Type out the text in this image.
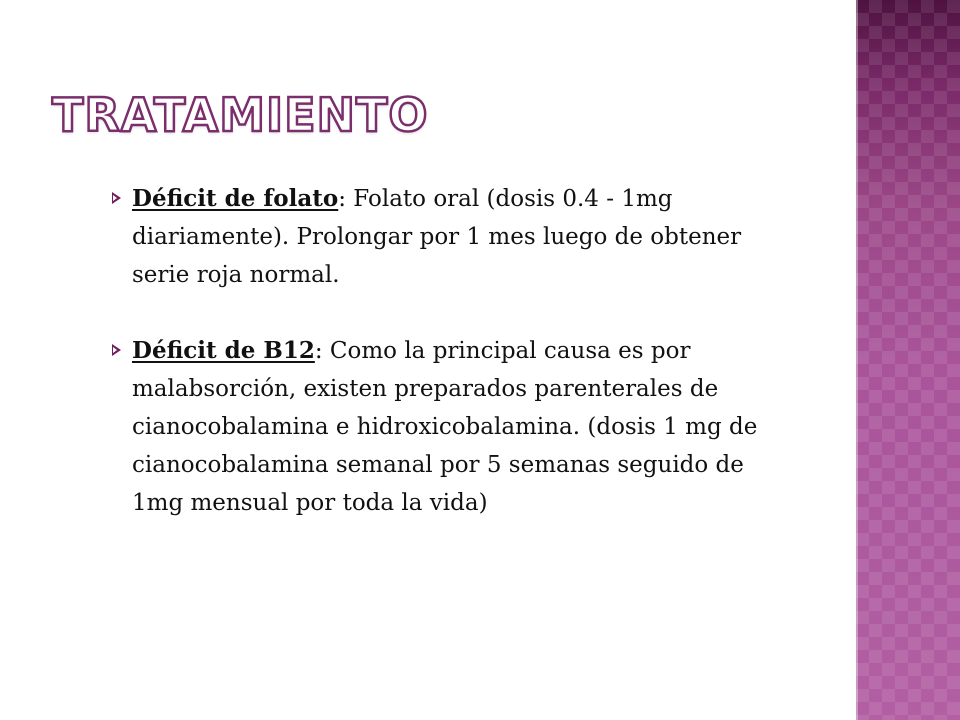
TRATAMIENTO

Déficit de folato: Folato oral (dosis 0.4 - 1mg diariamente). Prolongar por 1 mes luego de obtener serie roja normal.

Déficit de B12: Como la principal causa es por malabsorción, existen preparados parenterales de cianocobalamina e hidroxicobalamina. (dosis 1 mg de cianocobalamina semanal por 5 semanas seguido de 1mg mensual por toda la vida)
